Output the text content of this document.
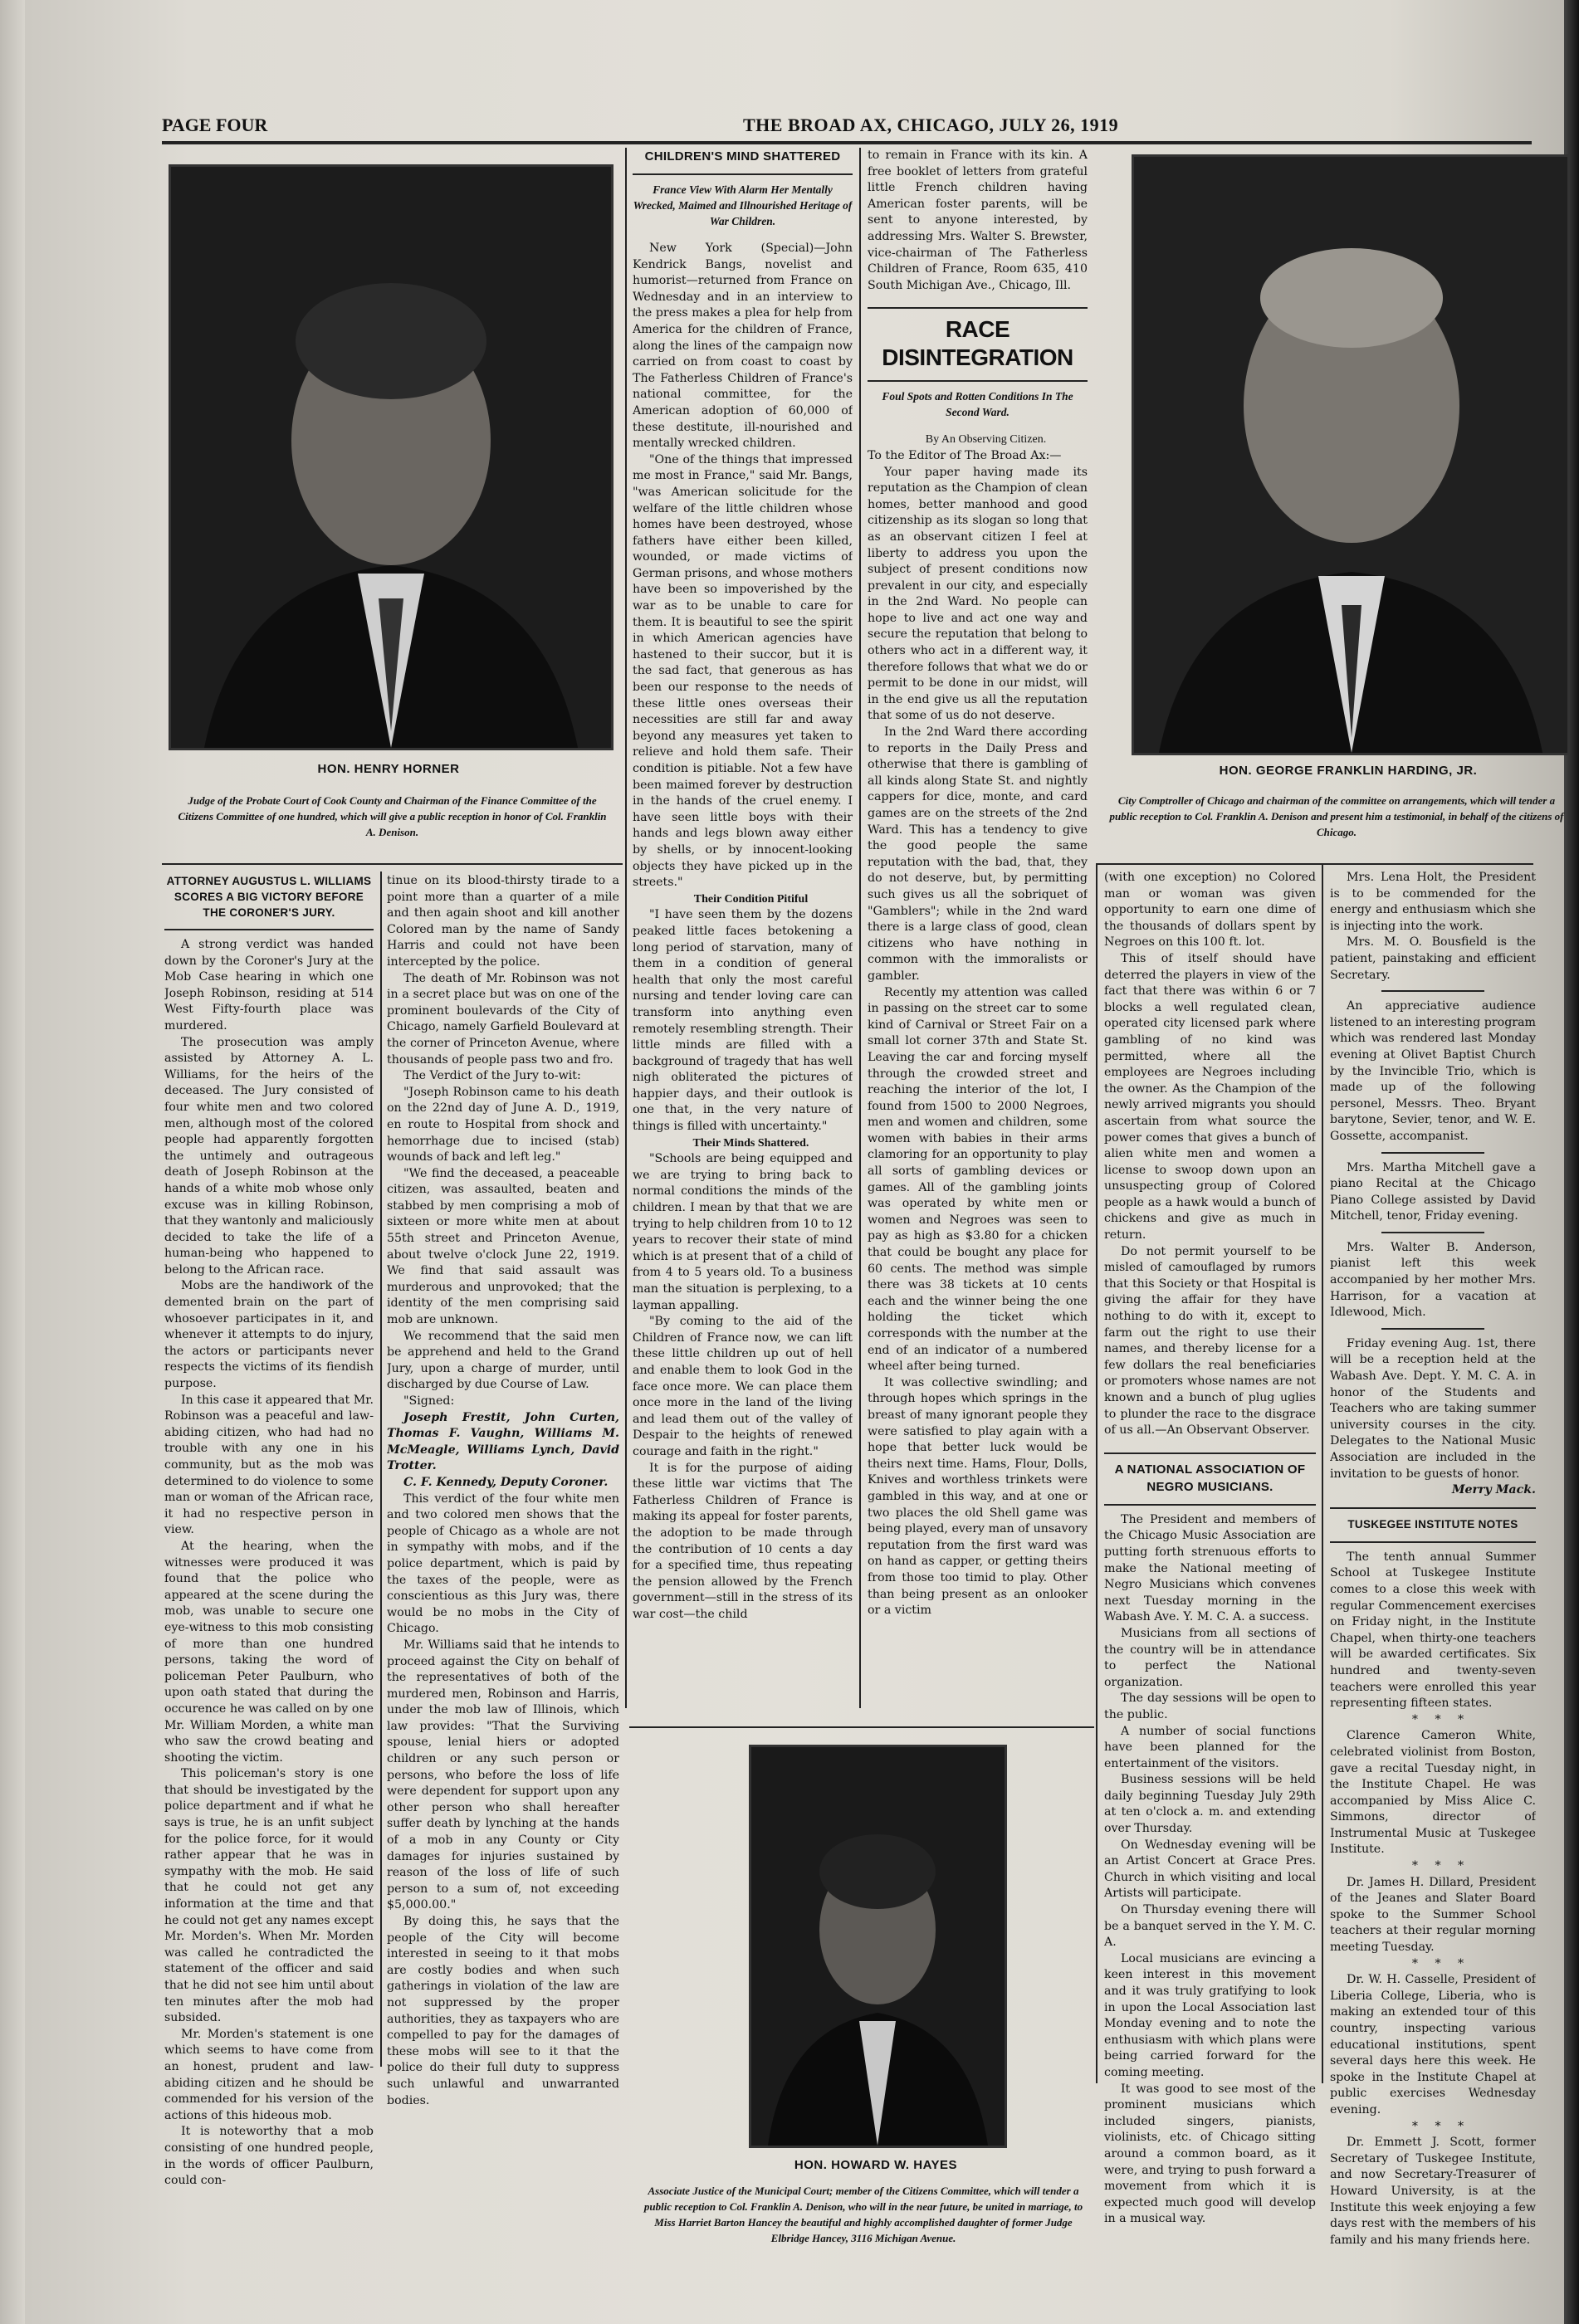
PAGE FOUR	THE BROAD AX, CHICAGO, JULY 26, 1919
HON. HENRY HORNER
Judge of the Probate Court of Cook County and Chairman of the Finance Committee of the Citizens Committee of one hundred, which will give a public reception in honor of Col. Franklin A. Denison.
HON. GEORGE FRANKLIN HARDING, JR.
City Comptroller of Chicago and chairman of the committee on arrangements, which will tender a public reception to Col. Franklin A. Denison and present him a testimonial, in behalf of the citizens of Chicago.
HON. HOWARD W. HAYES
Associate Justice of the Municipal Court; member of the Citizens Committee, which will tender a public reception to Col. Franklin A. Denison, who will in the near future, be united in marriage, to Miss Harriet Barton Hancey the beautiful and highly accomplished daughter of former Judge Elbridge Hancey, 3116 Michigan Avenue.
CHILDREN'S MIND SHATTERED
France View With Alarm Her Mentally Wrecked, Maimed and Illnourished Heritage of War Children.

New York (Special)—John Kendrick Bangs, novelist and humorist—returned from France on Wednesday and in an interview to the press makes a plea for help from America for the children of France, along the lines of the campaign now carried on from coast to coast by The Fatherless Children of France's national committee, for the American adoption of 60,000 of these destitute, ill-nourished and mentally wrecked children.

"One of the things that impressed me most in France," said Mr. Bangs, "was American solicitude for the welfare of the little children whose homes have been destroyed, whose fathers have either been killed, wounded, or made victims of German prisons, and whose mothers have been so impoverished by the war as to be unable to care for them. It is beautiful to see the spirit in which American agencies have hastened to their succor, but it is the sad fact, that generous as has been our response to the needs of these little ones overseas their necessities are still far and away beyond any measures yet taken to relieve and hold them safe. Their condition is pitiable. Not a few have been maimed forever by destruction in the hands of the cruel enemy. I have seen little boys with their hands and legs blown away either by shells, or by innocent-looking objects they have picked up in the streets."

Their Condition Pitiful

"I have seen them by the dozens peaked little faces betokening a long period of starvation, many of them in a condition of general health that only the most careful nursing and tender loving care can transform into anything even remotely resembling strength. Their little minds are filled with a background of tragedy that has well nigh obliterated the pictures of happier days, and their outlook is one that, in the very nature of things is filled with uncertainty."

Their Minds Shattered.

"Schools are being equipped and we are trying to bring back to normal conditions the minds of the children. I mean by that that we are trying to help children from 10 to 12 years to recover their state of mind which is at present that of a child of from 4 to 5 years old. To a business man the situation is perplexing, to a layman appalling.

"By coming to the aid of the Children of France now, we can lift these little children up out of hell and enable them to look God in the face once more. We can place them once more in the land of the living and lead them out of the valley of Despair to the heights of renewed courage and faith in the right."

It is for the purpose of aiding these little war victims that The Fatherless Children of France is making its appeal for foster parents, the adoption to be made through the contribution of 10 cents a day for a specified time, thus repeating the pension allowed by the French government—still in the stress of its war cost—the child

to remain in France with its kin. A free booklet of letters from grateful little French children having American foster parents, will be sent to anyone interested, by addressing Mrs. Walter S. Brewster, vice-chairman of The Fatherless Children of France, Room 635, 410 South Michigan Ave., Chicago, Ill.

RACE DISINTEGRATION
Foul Spots and Rotten Conditions In The Second Ward.

By An Observing Citizen.

To the Editor of The Broad Ax:—

Your paper having made its reputation as the Champion of clean homes, better manhood and good citizenship as its slogan so long that as an observant citizen I feel at liberty to address you upon the subject of present conditions now prevalent in our city, and especially in the 2nd Ward. No people can hope to live and act one way and secure the reputation that belong to others who act in a different way, it therefore follows that what we do or permit to be done in our midst, will in the end give us all the reputation that some of us do not deserve.

In the 2nd Ward there according to reports in the Daily Press and otherwise that there is gambling of all kinds along State St. and nightly cappers for dice, monte, and card games are on the streets of the 2nd Ward. This has a tendency to give the good people the same reputation with the bad, that, they do not deserve, but, by permitting such gives us all the sobriquet of "Gamblers"; while in the 2nd ward there is a large class of good, clean citizens who have nothing in common with the immoralists or gambler.

Recently my attention was called in passing on the street car to some kind of Carnival or Street Fair on a small lot corner 37th and State St. Leaving the car and forcing myself through the crowded street and reaching the interior of the lot, I found from 1500 to 2000 Negroes, men and women and children, some women with babies in their arms clamoring for an opportunity to play all sorts of gambling devices or games. All of the gambling joints was operated by white men or women and Negroes was seen to pay as high as $3.80 for a chicken that could be bought any place for 60 cents. The method was simple there was 38 tickets at 10 cents each and the winner being the one holding the ticket which corresponds with the number at the end of an indicator of a numbered wheel after being turned.

It was collective swindling; and through hopes which springs in the breast of many ignorant people they were satisfied to play again with a hope that better luck would be theirs next time. Hams, Flour, Dolls, Knives and worthless trinkets were gambled in this way, and at one or two places the old Shell game was being played, every man of unsavory reputation from the first ward was on hand as capper, or getting theirs from those too timid to play. Other than being present as an onlooker or a victim

(with one exception) no Colored man or woman was given opportunity to earn one dime of the thousands of dollars spent by Negroes on this 100 ft. lot.

This of itself should have deterred the players in view of the fact that there was within 6 or 7 blocks a well regulated clean, operated city licensed park where gambling of no kind was permitted, where all the employees are Negroes including the owner. As the Champion of the newly arrived migrants you should ascertain from what source the power comes that gives a bunch of alien white men and women a license to swoop down upon an unsuspecting group of Colored people as a hawk would a bunch of chickens and give as much in return.

Do not permit yourself to be misled of camouflaged by rumors that this Society or that Hospital is giving the affair for they have nothing to do with it, except to farm out the right to use their names, and thereby license for a few dollars the real beneficiaries or promoters whose names are not known and a bunch of plug uglies to plunder the race to the disgrace of us all.—An Observant Observer.

A NATIONAL ASSOCIATION OF NEGRO MUSICIANS.

The President and members of the Chicago Music Association are putting forth strenuous efforts to make the National meeting of Negro Musicians which convenes next Tuesday morning in the Wabash Ave. Y. M. C. A. a success.

Musicians from all sections of the country will be in attendance to perfect the National organization.

The day sessions will be open to the public.

A number of social functions have been planned for the entertainment of the visitors.

Business sessions will be held daily beginning Tuesday July 29th at ten o'clock a. m. and extending over Thursday.

On Wednesday evening will be an Artist Concert at Grace Pres. Church in which visiting and local Artists will participate.

On Thursday evening there will be a banquet served in the Y. M. C. A.

Local musicians are evincing a keen interest in this movement and it was truly gratifying to look in upon the Local Association last Monday evening and to note the enthusiasm with which plans were being carried forward for the coming meeting.

It was good to see most of the prominent musicians which included singers, pianists, violinists, etc. of Chicago sitting around a common board, as it were, and trying to push forward a movement from which it is expected much good will develop in a musical way.

Mrs. Lena Holt, the President is to be commended for the energy and enthusiasm which she is injecting into the work.

Mrs. M. O. Bousfield is the patient, painstaking and efficient Secretary.

An appreciative audience listened to an interesting program which was rendered last Monday evening at Olivet Baptist Church by the Invincible Trio, which is made up of the following personel, Messrs. Theo. Bryant barytone, Sevier, tenor, and W. E. Gossette, accompanist.

Mrs. Martha Mitchell gave a piano Recital at the Chicago Piano College assisted by David Mitchell, tenor, Friday evening.

Mrs. Walter B. Anderson, pianist left this week accompanied by her mother Mrs. Harrison, for a vacation at Idlewood, Mich.

Friday evening Aug. 1st, there will be a reception held at the Wabash Ave. Dept. Y. M. C. A. in honor of the Students and Teachers who are taking summer university courses in the city. Delegates to the National Music Association are included in the invitation to be guests of honor.

Merry Mack.

TUSKEGEE INSTITUTE NOTES

The tenth annual Summer School at Tuskegee Institute comes to a close this week with regular Commencement exercises on Friday night, in the Institute Chapel, when thirty-one teachers will be awarded certificates. Six hundred and twenty-seven teachers were enrolled this year representing fifteen states.

* * *

Clarence Cameron White, celebrated violinist from Boston, gave a recital Tuesday night, in the Institute Chapel. He was accompanied by Miss Alice C. Simmons, director of Instrumental Music at Tuskegee Institute.

* * *

Dr. James H. Dillard, President of the Jeanes and Slater Board spoke to the Summer School teachers at their regular morning meeting Tuesday.

* * *

Dr. W. H. Casselle, President of Liberia College, Liberia, who is making an extended tour of this country, inspecting various educational institutions, spent several days here this week. He spoke in the Institute Chapel at public exercises Wednesday evening.

* * *

Dr. Emmett J. Scott, former Secretary of Tuskegee Institute, and now Secretary-Treasurer of Howard University, is at the Institute this week enjoying a few days rest with the members of his family and his many friends here.

ATTORNEY AUGUSTUS L. WILLIAMS SCORES A BIG VICTORY BEFORE THE CORONER'S JURY.

A strong verdict was handed down by the Coroner's Jury at the Mob Case hearing in which one Joseph Robinson, residing at 514 West Fifty-fourth place was murdered.

The prosecution was amply assisted by Attorney A. L. Williams, for the heirs of the deceased. The Jury consisted of four white men and two colored men, although most of the colored people had apparently forgotten the untimely and outrageous death of Joseph Robinson at the hands of a white mob whose only excuse was in killing Robinson, that they wantonly and maliciously decided to take the life of a human-being who happened to belong to the African race.

Mobs are the handiwork of the demented brain on the part of whosoever participates in it, and whenever it attempts to do injury, the actors or participants never respects the victims of its fiendish purpose.

In this case it appeared that Mr. Robinson was a peaceful and law-abiding citizen, who had had no trouble with any one in his community, but as the mob was determined to do violence to some man or woman of the African race, it had no respective person in view.

At the hearing, when the witnesses were produced it was found that the police who appeared at the scene during the mob, was unable to secure one eye-witness to this mob consisting of more than one hundred persons, taking the word of policeman Peter Paulburn, who upon oath stated that during the occurence he was called on by one Mr. William Morden, a white man who saw the crowd beating and shooting the victim.

This policeman's story is one that should be investigated by the police department and if what he says is true, he is an unfit subject for the police force, for it would rather appear that he was in sympathy with the mob. He said that he could not get any information at the time and that he could not get any names except Mr. Morden's. When Mr. Morden was called he contradicted the statement of the officer and said that he did not see him until about ten minutes after the mob had subsided.

Mr. Morden's statement is one which seems to have come from an honest, prudent and law-abiding citizen and he should be commended for his version of the actions of this hideous mob.

It is noteworthy that a mob consisting of one hundred people, in the words of officer Paulburn, could con-

tinue on its blood-thirsty tirade to a point more than a quarter of a mile and then again shoot and kill another Colored man by the name of Sandy Harris and could not have been intercepted by the police.

The death of Mr. Robinson was not in a secret place but was on one of the prominent boulevards of the City of Chicago, namely Garfield Boulevard at the corner of Princeton Avenue, where thousands of people pass two and fro.

The Verdict of the Jury to-wit:

"Joseph Robinson came to his death on the 22nd day of June A. D., 1919, en route to Hospital from shock and hemorrhage due to incised (stab) wounds of back and left leg."

"We find the deceased, a peaceable citizen, was assaulted, beaten and stabbed by men comprising a mob of sixteen or more white men at about 55th street and Princeton Avenue, about twelve o'clock June 22, 1919. We find that said assault was murderous and unprovoked; that the identity of the men comprising said mob are unknown.

We recommend that the said men be apprehend and held to the Grand Jury, upon a charge of murder, until discharged by due Course of Law.

"Signed:

Joseph Frestit, John Curten, Thomas F. Vaughn, Williams M. McMeagle, Williams Lynch, David Trotter.

C. F. Kennedy, Deputy Coroner.

This verdict of the four white men and two colored men shows that the people of Chicago as a whole are not in sympathy with mobs, and if the police department, which is paid by the taxes of the people, were as conscientious as this Jury was, there would be no mobs in the City of Chicago.

Mr. Williams said that he intends to proceed against the City on behalf of the representatives of both of the murdered men, Robinson and Harris, under the mob law of Illinois, which law provides: "That the Surviving spouse, lenial hiers or adopted children or any such person or persons, who before the loss of life were dependent for support upon any other person who shall hereafter suffer death by lynching at the hands of a mob in any County or City damages for injuries sustained by reason of the loss of life of such person to a sum of, not exceeding $5,000.00."

By doing this, he says that the people of the City will become interested in seeing to it that mobs are costly bodies and when such gatherings in violation of the law are not suppressed by the proper authorities, they as taxpayers who are compelled to pay for the damages of these mobs will see to it that the police do their full duty to suppress such unlawful and unwarranted bodies.
